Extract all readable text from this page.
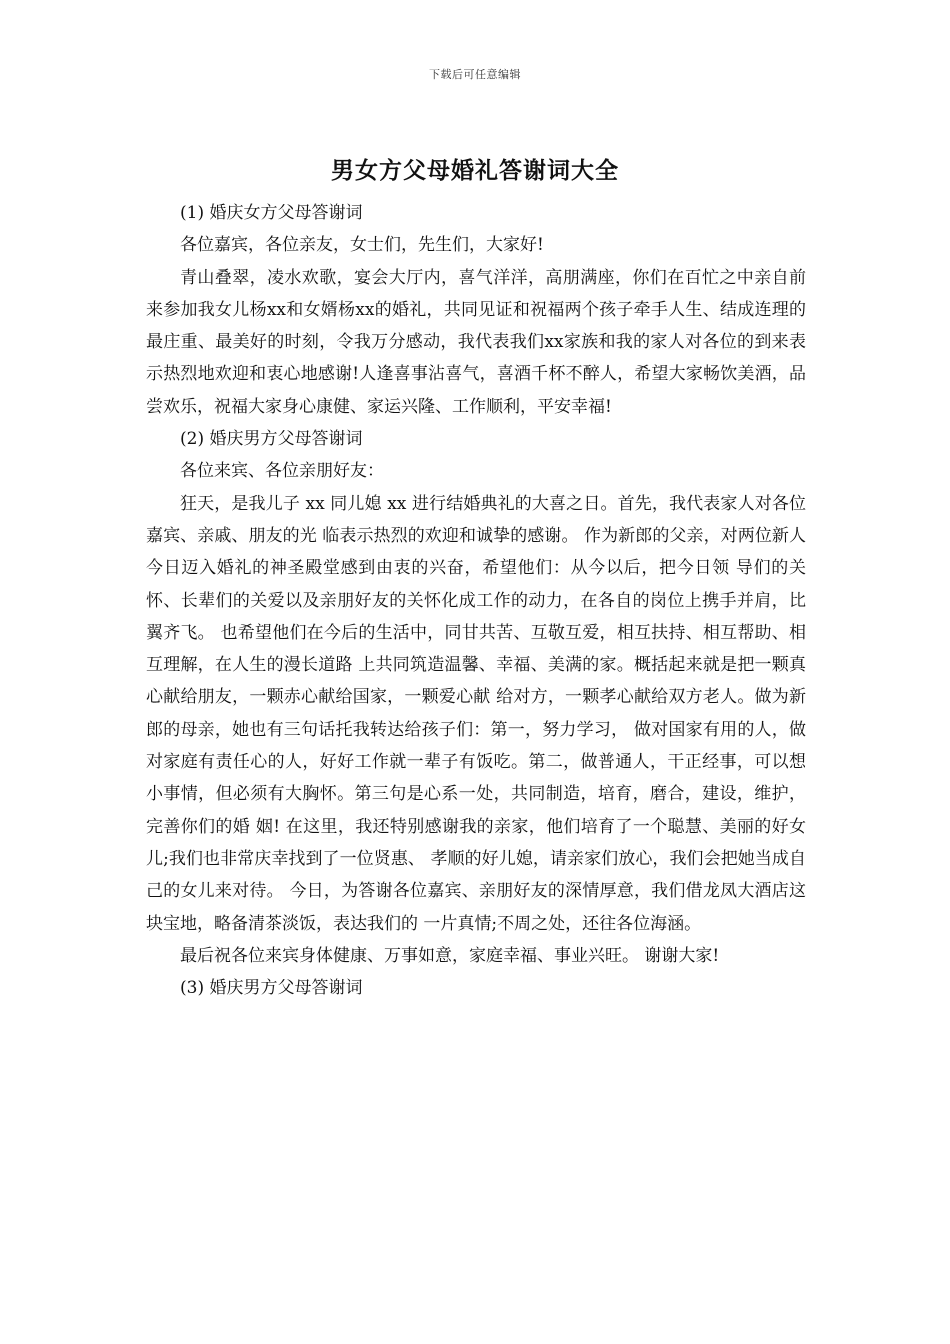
下载后可任意编辑
男女方父母婚礼答谢词大全

(1) 婚庆女方父母答谢词

各位嘉宾，各位亲友，女士们，先生们，大家好!

青山叠翠，凌水欢歌，宴会大厅内，喜气洋洋，高朋满座，你们在百忙之中亲自前来参加我女儿杨xx和女婿杨xx的婚礼，共同见证和祝福两个孩子牵手人生、结成连理的最庄重、最美好的时刻，令我万分感动，我代表我们xx家族和我的家人对各位的到来表示热烈地欢迎和衷心地感谢!人逢喜事沾喜气，喜酒千杯不醉人，希望大家畅饮美酒，品尝欢乐，祝福大家身心康健、家运兴隆、工作顺利，平安幸福!

(2) 婚庆男方父母答谢词

各位来宾、各位亲朋好友：

狂天，是我儿子 xx 同儿媳 xx 进行结婚典礼的大喜之日。首先，我代表家人对各位嘉宾、亲戚、朋友的光 临表示热烈的欢迎和诚挚的感谢。 作为新郎的父亲，对两位新人今日迈入婚礼的神圣殿堂感到由衷的兴奋，希望他们：从今以后，把今日领 导们的关怀、长辈们的关爱以及亲朋好友的关怀化成工作的动力，在各自的岗位上携手并肩，比翼齐飞。 也希望他们在今后的生活中，同甘共苦、互敬互爱，相互扶持、相互帮助、相互理解，在人生的漫长道路 上共同筑造温馨、幸福、美满的家。概括起来就是把一颗真心献给朋友，一颗赤心献给国家，一颗爱心献 给对方，一颗孝心献给双方老人。做为新郎的母亲，她也有三句话托我转达给孩子们：第一，努力学习， 做对国家有用的人，做对家庭有责任心的人，好好工作就一辈子有饭吃。第二，做普通人，干正经事，可以想小事情，但必须有大胸怀。第三句是心系一处，共同制造，培育，磨合，建设，维护，完善你们的婚 姻! 在这里，我还特别感谢我的亲家，他们培育了一个聪慧、美丽的好女儿;我们也非常庆幸找到了一位贤惠、 孝顺的好儿媳，请亲家们放心，我们会把她当成自己的女儿来对待。 今日，为答谢各位嘉宾、亲朋好友的深情厚意，我们借龙凤大酒店这块宝地，略备清茶淡饭，表达我们的 一片真情;不周之处，还往各位海涵。

最后祝各位来宾身体健康、万事如意，家庭幸福、事业兴旺。 谢谢大家!

(3) 婚庆男方父母答谢词
